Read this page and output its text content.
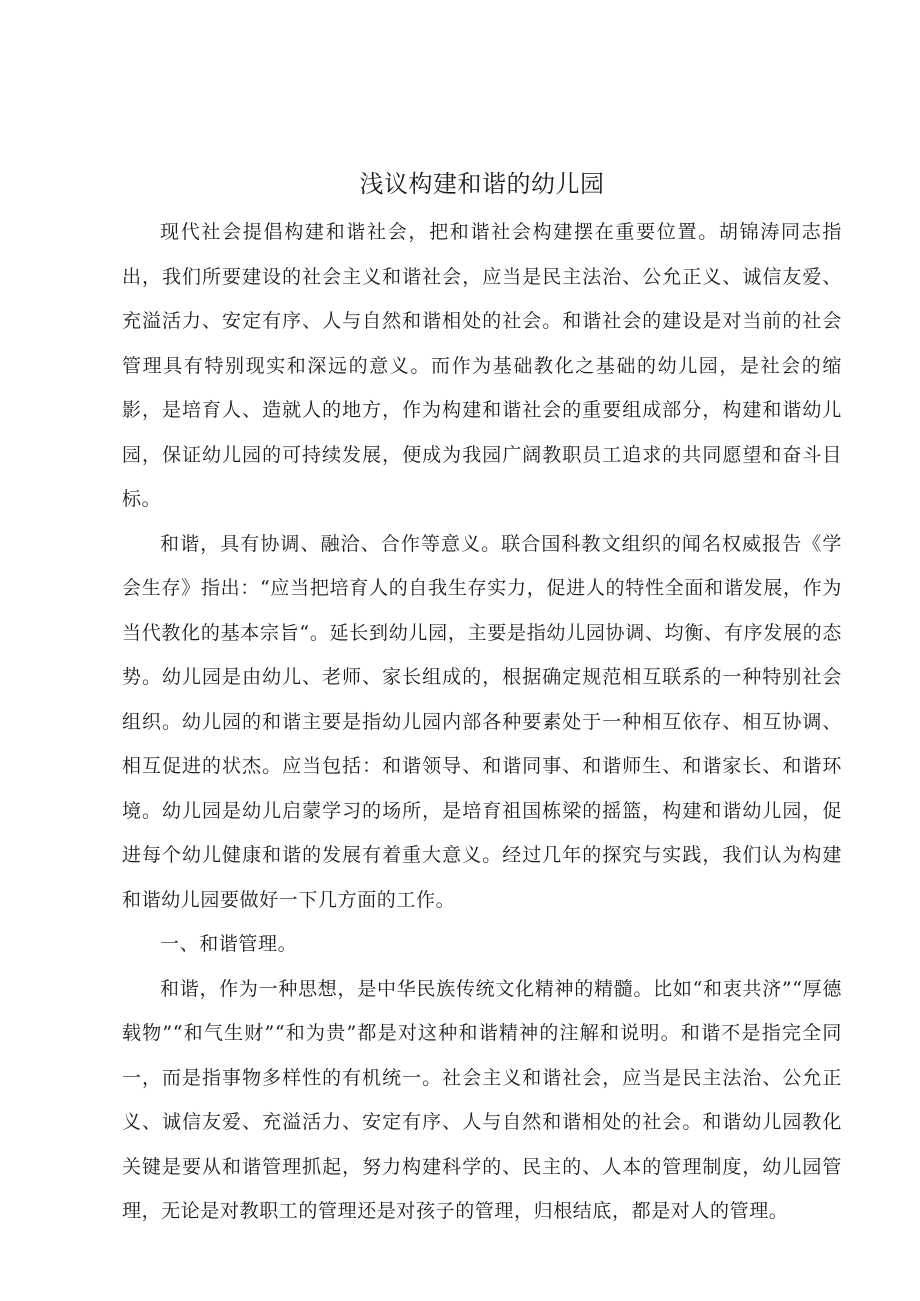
浅议构建和谐的幼儿园

现代社会提倡构建和谐社会，把和谐社会构建摆在重要位置。胡锦涛同志指出，我们所要建设的社会主义和谐社会，应当是民主法治、公允正义、诚信友爱、充溢活力、安定有序、人与自然和谐相处的社会。和谐社会的建设是对当前的社会管理具有特别现实和深远的意义。而作为基础教化之基础的幼儿园，是社会的缩影，是培育人、造就人的地方，作为构建和谐社会的重要组成部分，构建和谐幼儿园，保证幼儿园的可持续发展，便成为我园广阔教职员工追求的共同愿望和奋斗目标。

和谐，具有协调、融洽、合作等意义。联合国科教文组织的闻名权威报告《学会生存》指出：“应当把培育人的自我生存实力，促进人的特性全面和谐发展，作为当代教化的基本宗旨“。延长到幼儿园，主要是指幼儿园协调、均衡、有序发展的态势。幼儿园是由幼儿、老师、家长组成的，根据确定规范相互联系的一种特别社会组织。幼儿园的和谐主要是指幼儿园内部各种要素处于一种相互依存、相互协调、相互促进的状杰。应当包括：和谐领导、和谐同事、和谐师生、和谐家长、和谐环境。幼儿园是幼儿启蒙学习的场所，是培育祖国栋梁的摇篮，构建和谐幼儿园，促进每个幼儿健康和谐的发展有着重大意义。经过几年的探究与实践，我们认为构建和谐幼儿园要做好一下几方面的工作。

一、和谐管理。

和谐，作为一种思想，是中华民族传统文化精神的精髓。比如“和衷共济”“厚德载物”“和气生财”“和为贵”都是对这种和谐精神的注解和说明。和谐不是指完全同一，而是指事物多样性的有机统一。社会主义和谐社会，应当是民主法治、公允正义、诚信友爱、充溢活力、安定有序、人与自然和谐相处的社会。和谐幼儿园教化关键是要从和谐管理抓起，努力构建科学的、民主的、人本的管理制度，幼儿园管理，无论是对教职工的管理还是对孩子的管理，归根结底，都是对人的管理。
